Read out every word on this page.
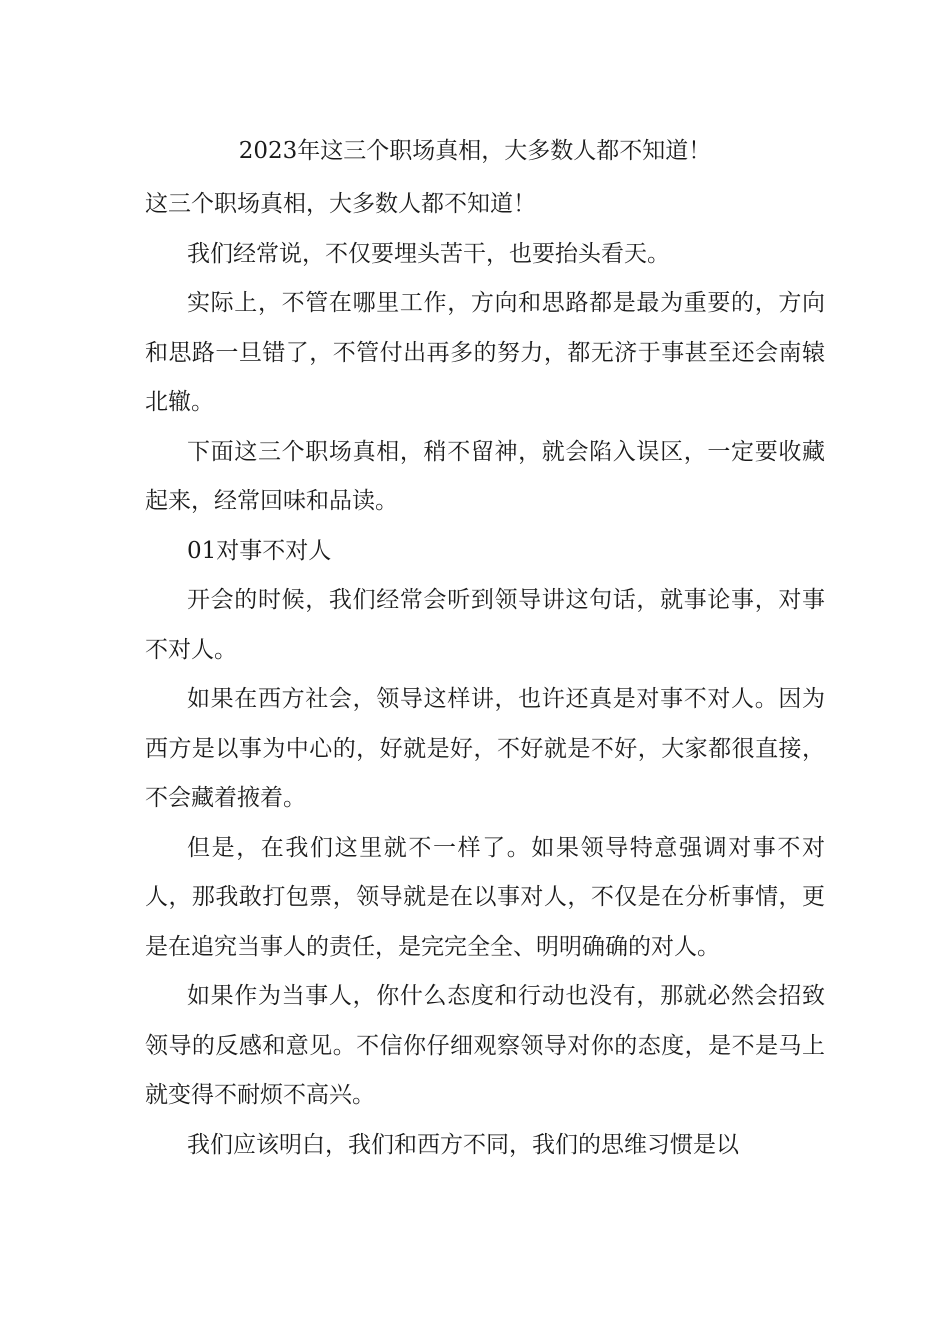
2023年这三个职场真相，大多数人都不知道！

这三个职场真相，大多数人都不知道！

我们经常说，不仅要埋头苦干，也要抬头看天。

实际上，不管在哪里工作，方向和思路都是最为重要的，方向和思路一旦错了，不管付出再多的努力，都无济于事甚至还会南辕北辙。

下面这三个职场真相，稍不留神，就会陷入误区，一定要收藏起来，经常回味和品读。

01对事不对人

开会的时候，我们经常会听到领导讲这句话，就事论事，对事不对人。

如果在西方社会，领导这样讲，也许还真是对事不对人。因为西方是以事为中心的，好就是好，不好就是不好，大家都很直接，不会藏着掖着。

但是，在我们这里就不一样了。如果领导特意强调对事不对人，那我敢打包票，领导就是在以事对人，不仅是在分析事情，更是在追究当事人的责任，是完完全全、明明确确的对人。

如果作为当事人，你什么态度和行动也没有，那就必然会招致领导的反感和意见。不信你仔细观察领导对你的态度，是不是马上就变得不耐烦不高兴。

我们应该明白，我们和西方不同，我们的思维习惯是以
